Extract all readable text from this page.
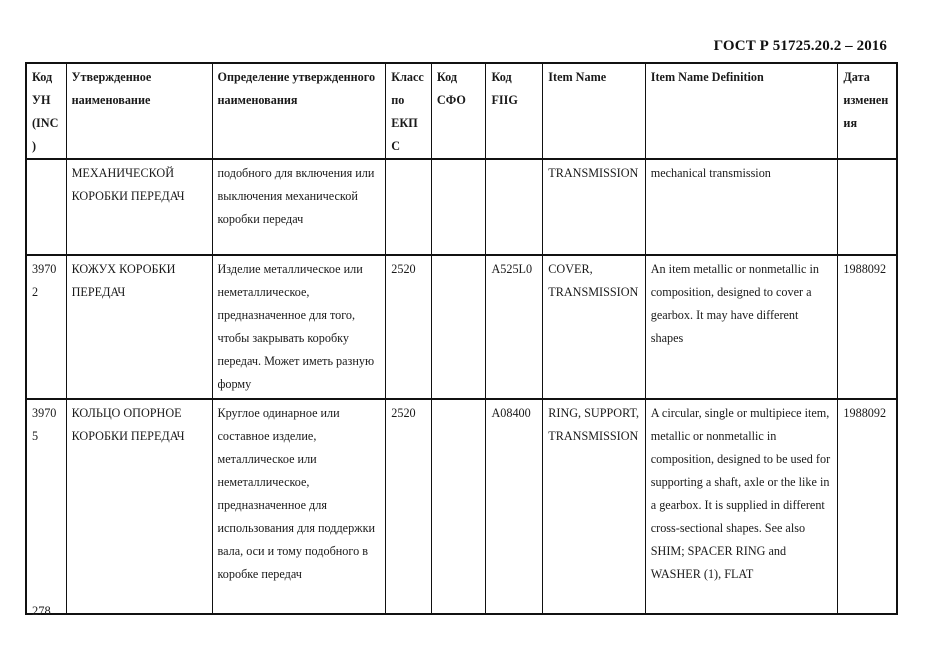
ГОСТ Р 51725.20.2 – 2016
Код УН (INC)	Утвержденное наименование	Определение утвержденного наименования	Класс по ЕКПС	Код СФО	Код FIIG	Item Name	Item Name Definition	Дата изменения
	МЕХАНИЧЕСКОЙ КОРОБКИ ПЕРЕДАЧ	подобного для включения или выключения механической коробки передач				TRANSMISSION	mechanical transmission	
39702	КОЖУХ КОРОБКИ ПЕРЕДАЧ	Изделие металлическое или неметаллическое, предназначенное для того, чтобы закрывать коробку передач. Может иметь разную форму	2520		A525L0	COVER, TRANSMISSION	An item metallic or nonmetallic in composition, designed to cover a gearbox. It may have different shapes	1988092
39705	КОЛЬЦО ОПОРНОЕ КОРОБКИ ПЕРЕДАЧ	Круглое одинарное или составное изделие, металлическое или неметаллическое, предназначенное для использования для поддержки вала, оси и тому подобного в коробке передач	2520		A08400	RING, SUPPORT, TRANSMISSION	A circular, single or multipiece item, metallic or nonmetallic in composition, designed to be used for supporting a shaft, axle or the like in a gearbox. It is supplied in different cross-sectional shapes. See also SHIM; SPACER RING and WASHER (1), FLAT	1988092
278
